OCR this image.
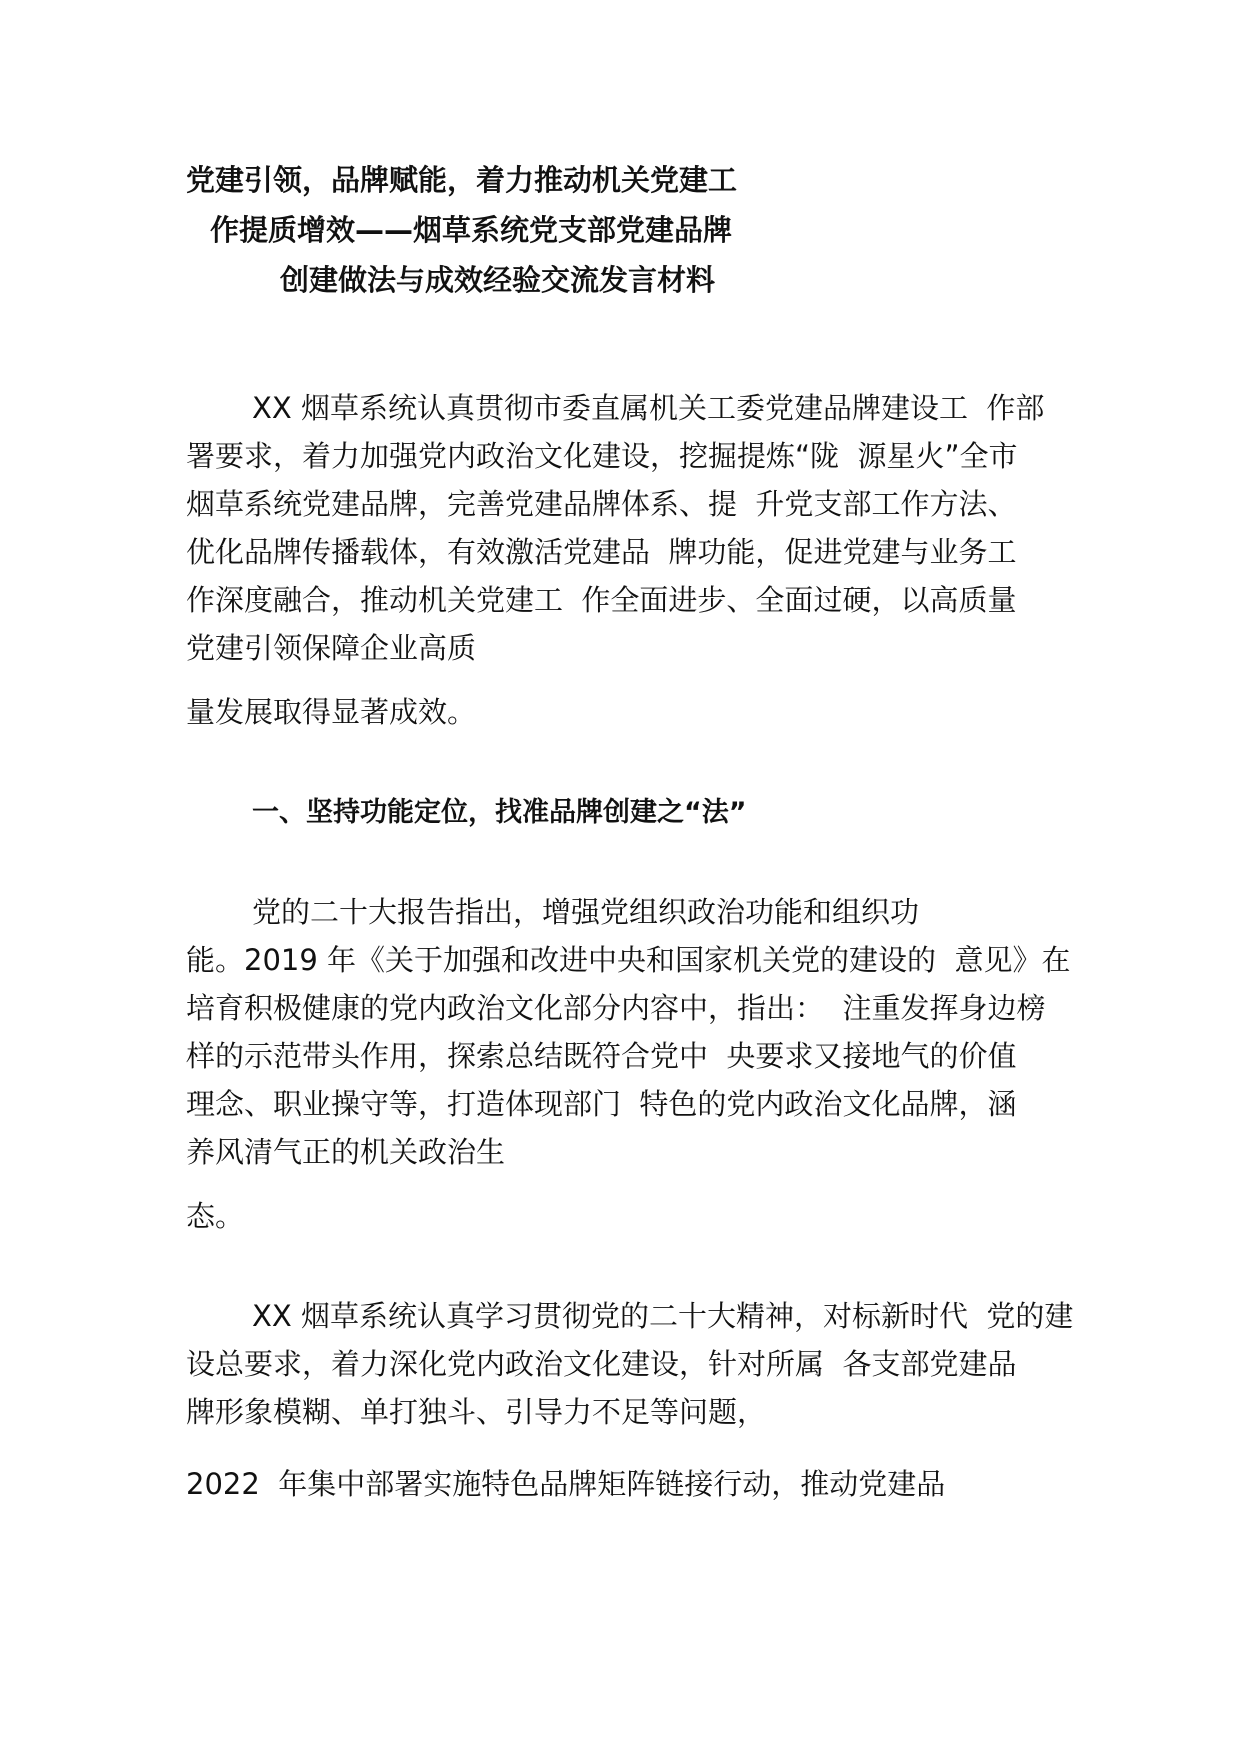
党建引领，品牌赋能，着力推动机关党建工
作提质增效——烟草系统党支部党建品牌
创建做法与成效经验交流发言材料
XX 烟草系统认真贯彻市委直属机关工委党建品牌建设工  作部
署要求，着力加强党内政治文化建设，挖掘提炼“陇  源星火”全市
烟草系统党建品牌，完善党建品牌体系、提  升党支部工作方法、
优化品牌传播载体，有效激活党建品  牌功能，促进党建与业务工
作深度融合，推动机关党建工  作全面进步、全面过硬，以高质量
党建引领保障企业高质
量发展取得显著成效。
一、坚持功能定位，找准品牌创建之“法”
党的二十大报告指出，增强党组织政治功能和组织功
能。2019 年《关于加强和改进中央和国家机关党的建设的  意见》在
培育积极健康的党内政治文化部分内容中，指出：  注重发挥身边榜
样的示范带头作用，探索总结既符合党中  央要求又接地气的价值
理念、职业操守等，打造体现部门  特色的党内政治文化品牌，涵
养风清气正的机关政治生
态。
XX 烟草系统认真学习贯彻党的二十大精神，对标新时代  党的建
设总要求，着力深化党内政治文化建设，针对所属  各支部党建品
牌形象模糊、单打独斗、引导力不足等问题，
2022  年集中部署实施特色品牌矩阵链接行动，推动党建品
